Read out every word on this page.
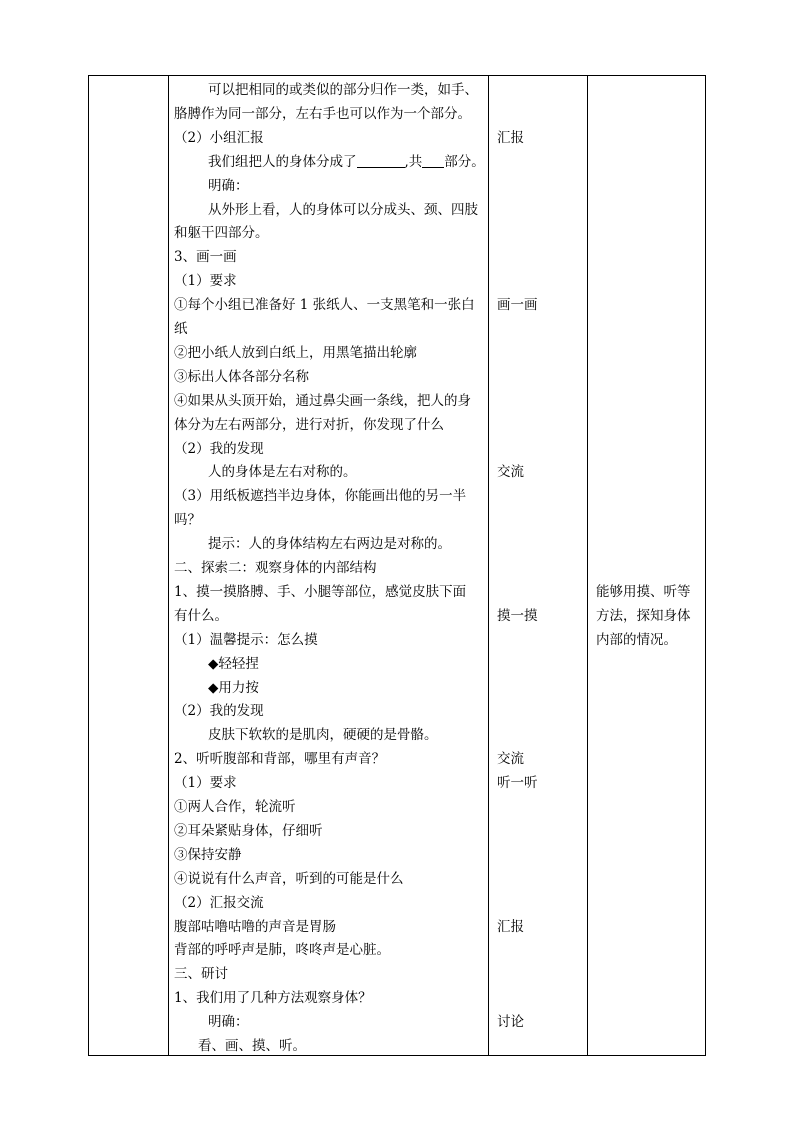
可以把相同的或类似的部分归作一类，如手、
胳膊作为同一部分，左右手也可以作为一个部分。
（2）小组汇报
我们组把人的身体分成了	,共 部分。
明确：
从外形上看，人的身体可以分成头、颈、四肢
和躯干四部分。
3、画一画
（1）要求
①每个小组已准备好 1 张纸人、一支黑笔和一张白
纸
②把小纸人放到白纸上，用黑笔描出轮廓
③标出人体各部分名称
④如果从头顶开始，通过鼻尖画一条线，把人的身
体分为左右两部分，进行对折，你发现了什么
（2）我的发现
人的身体是左右对称的。
（3）用纸板遮挡半边身体，你能画出他的另一半
吗？
提示：人的身体结构左右两边是对称的。
二、探索二：观察身体的内部结构
1、摸一摸胳膊、手、小腿等部位，感觉皮肤下面
有什么。
（1）温馨提示：怎么摸
◆轻轻捏
◆用力按
（2）我的发现
皮肤下软软的是肌肉，硬硬的是骨骼。
2、听听腹部和背部，哪里有声音？
（1）要求
①两人合作，轮流听
②耳朵紧贴身体，仔细听
③保持安静
④说说有什么声音，听到的可能是什么
（2）汇报交流
腹部咕噜咕噜的声音是胃肠
背部的呼呼声是肺，咚咚声是心脏。
三、研讨
1、我们用了几种方法观察身体？
明确：
看、画、摸、听。
汇报
画一画
交流
摸一摸
交流
听一听
汇报
讨论
能够用摸、听等
方法，探知身体
内部的情况。
